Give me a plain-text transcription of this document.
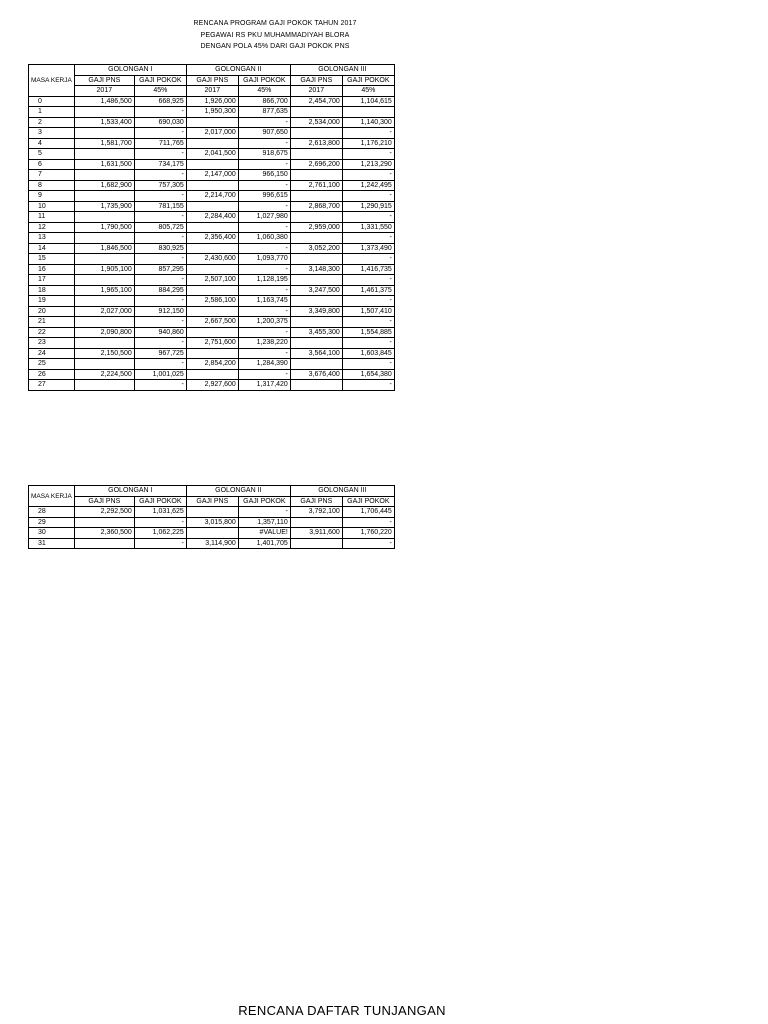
RENCANA PROGRAM GAJI POKOK TAHUN 2017
PEGAWAI RS PKU MUHAMMADIYAH BLORA
DENGAN POLA 45% DARI GAJI POKOK PNS
MASA KERJA	GOLONGAN I		GOLONGAN II		GOLONGAN III	
	GAJI PNS	GAJI POKOK	GAJI PNS	GAJI POKOK	GAJI PNS	GAJI POKOK
	2017	45%	2017	45%	2017	45%
0	1,486,500	668,925	1,926,000	866,700	2,454,700	1,104,615
1		-	1,950,300	877,635		
2	1,533,400	690,030		-	2,534,000	1,140,300
3		-	2,017,000	907,650		-
4	1,581,700	711,765		-	2,613,800	1,176,210
5		-	2,041,500	918,675		-
6	1,631,500	734,175		-	2,696,200	1,213,290
7		-	2,147,000	966,150		-
8	1,682,900	757,305		-	2,761,100	1,242,495
9		-	2,214,700	996,615		-
10	1,735,900	781,155		-	2,868,700	1,290,915
11		-	2,284,400	1,027,980		-
12	1,790,500	805,725		-	2,959,000	1,331,550
13		-	2,356,400	1,060,380		-
14	1,846,500	830,925		-	3,052,200	1,373,490
15		-	2,430,600	1,093,770		-
16	1,905,100	857,295		-	3,148,300	1,416,735
17		-	2,507,100	1,128,195		-
18	1,965,100	884,295		-	3,247,500	1,461,375
19		-	2,586,100	1,163,745		-
20	2,027,000	912,150		-	3,349,800	1,507,410
21		-	2,667,500	1,200,375		-
22	2,090,800	940,860		-	3,455,300	1,554,885
23		-	2,751,600	1,238,220		-
24	2,150,500	967,725		-	3,564,100	1,603,845
25		-	2,854,200	1,284,390		-
26	2,224,500	1,001,025		-	3,676,400	1,654,380
27		-	2,927,600	1,317,420		-
MASA KERJA	GOLONGAN I		GOLONGAN II		GOLONGAN III	
	GAJI PNS	GAJI POKOK	GAJI PNS	GAJI POKOK	GAJI PNS	GAJI POKOK
28	2,292,500	1,031,625		-	3,792,100	1,706,445
29		-	3,015,800	1,357,110		-
30	2,360,500	1,062,225		#VALUE!	3,911,600	1,760,220
31		-	3,114,900	1,401,705		-
RENCANA DAFTAR TUNJANGAN
